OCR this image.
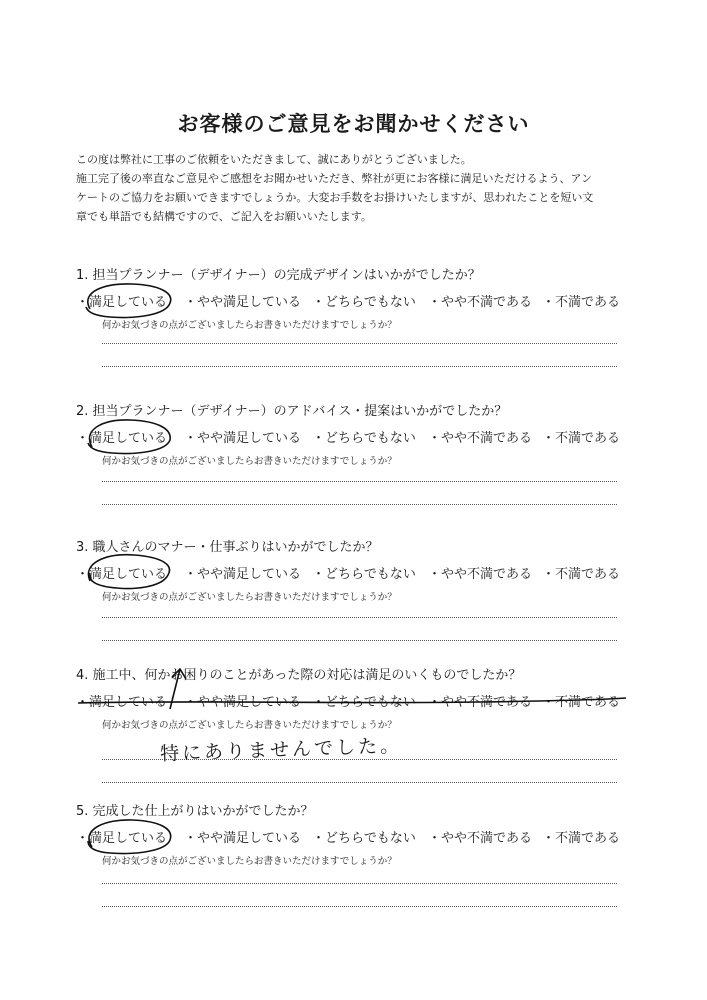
お客様のご意見をお聞かせください
この度は弊社に工事のご依頼をいただきまして、誠にありがとうございました。
施工完了後の率直なご意見やご感想をお聞かせいただき、弊社が更にお客様に満足いただけるよう、アン
ケートのご協力をお願いできますでしょうか。大変お手数をお掛けいたしますが、思われたことを短い文
章でも単語でも結構ですので、ご記入をお願いいたします。
1. 担当プランナー（デザイナー）の完成デザインはいかがでしたか？
・満足している ・やや満足している ・どちらでもない ・やや不満である ・不満である
何かお気づきの点がございましたらお書きいただけますでしょうか？
2. 担当プランナー（デザイナー）のアドバイス・提案はいかがでしたか？
・満足している ・やや満足している ・どちらでもない ・やや不満である ・不満である
何かお気づきの点がございましたらお書きいただけますでしょうか？
3. 職人さんのマナー・仕事ぶりはいかがでしたか？
・満足している ・やや満足している ・どちらでもない ・やや不満である ・不満である
何かお気づきの点がございましたらお書きいただけますでしょうか？
4. 施工中、何かお困りのことがあった際の対応は満足のいくものでしたか？
・満足している ・やや満足している ・どちらでもない ・やや不満である ・不満である
何かお気づきの点がございましたらお書きいただけますでしょうか？
特にありませんでした。
5. 完成した仕上がりはいかがでしたか？
・満足している ・やや満足している ・どちらでもない ・やや不満である ・不満である
何かお気づきの点がございましたらお書きいただけますでしょうか？
